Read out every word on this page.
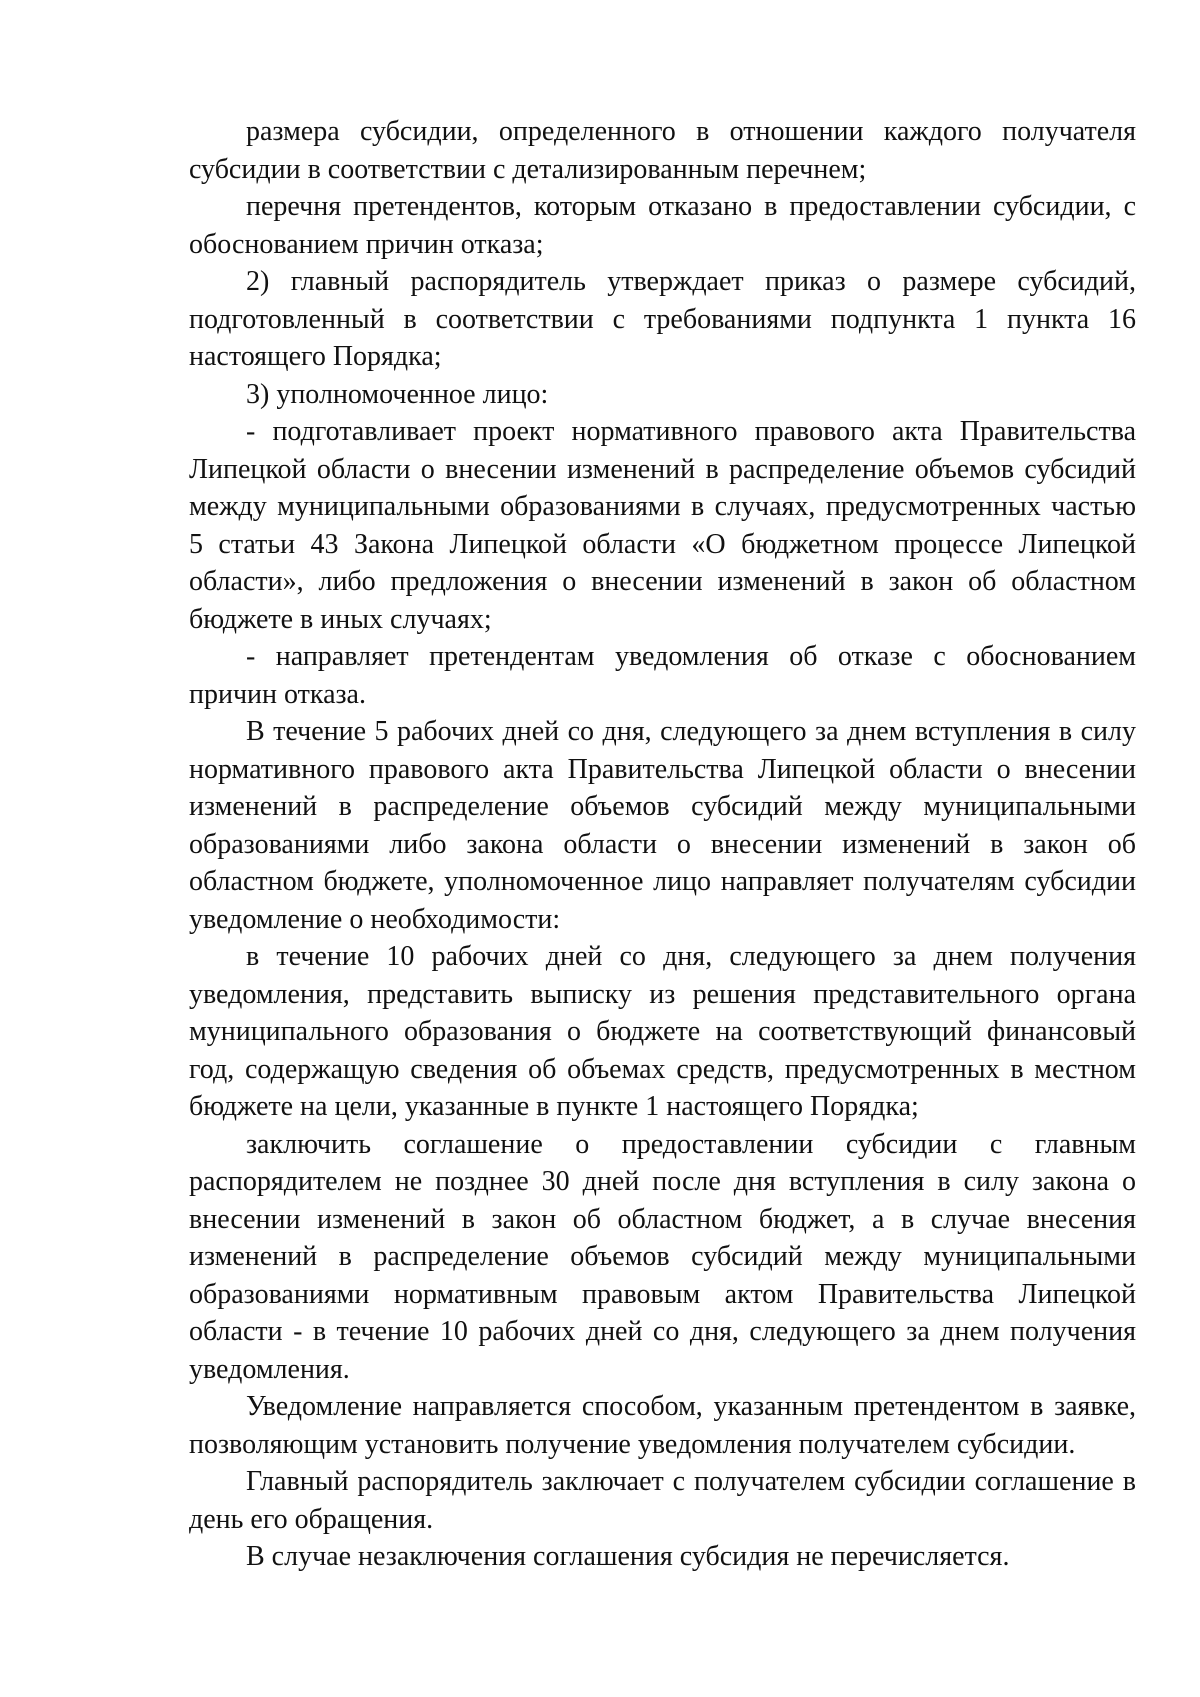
размера субсидии, определенного в отношении каждого получателя субсидии в соответствии с детализированным перечнем;

перечня претендентов, которым отказано в предоставлении субсидии, с обоснованием причин отказа;

2) главный распорядитель утверждает приказ о размере субсидий, подготовленный в соответствии с требованиями подпункта 1 пункта 16 настоящего Порядка;

3) уполномоченное лицо:

- подготавливает проект нормативного правового акта Правительства Липецкой области о внесении изменений в распределение объемов субсидий между муниципальными образованиями в случаях, предусмотренных частью 5 статьи 43 Закона Липецкой области «О бюджетном процессе Липецкой области», либо предложения о внесении изменений в закон об областном бюджете в иных случаях;

- направляет претендентам уведомления об отказе с обоснованием причин отказа.

В течение 5 рабочих дней со дня, следующего за днем вступления в силу нормативного правового акта Правительства Липецкой области о внесении изменений в распределение объемов субсидий между муниципальными образованиями либо закона области о внесении изменений в закон об областном бюджете, уполномоченное лицо направляет получателям субсидии уведомление о необходимости:

в течение 10 рабочих дней со дня, следующего за днем получения уведомления, представить выписку из решения представительного органа муниципального образования о бюджете на соответствующий финансовый год, содержащую сведения об объемах средств, предусмотренных в местном бюджете на цели, указанные в пункте 1 настоящего Порядка;

заключить соглашение о предоставлении субсидии с главным распорядителем не позднее 30 дней после дня вступления в силу закона о внесении изменений в закон об областном бюджет, а в случае внесения изменений в распределение объемов субсидий между муниципальными образованиями нормативным правовым актом Правительства Липецкой области - в течение 10 рабочих дней со дня, следующего за днем получения уведомления.

Уведомление направляется способом, указанным претендентом в заявке, позволяющим установить получение уведомления получателем субсидии.

Главный распорядитель заключает с получателем субсидии соглашение в день его обращения.

В случае незаключения соглашения субсидия не перечисляется.
